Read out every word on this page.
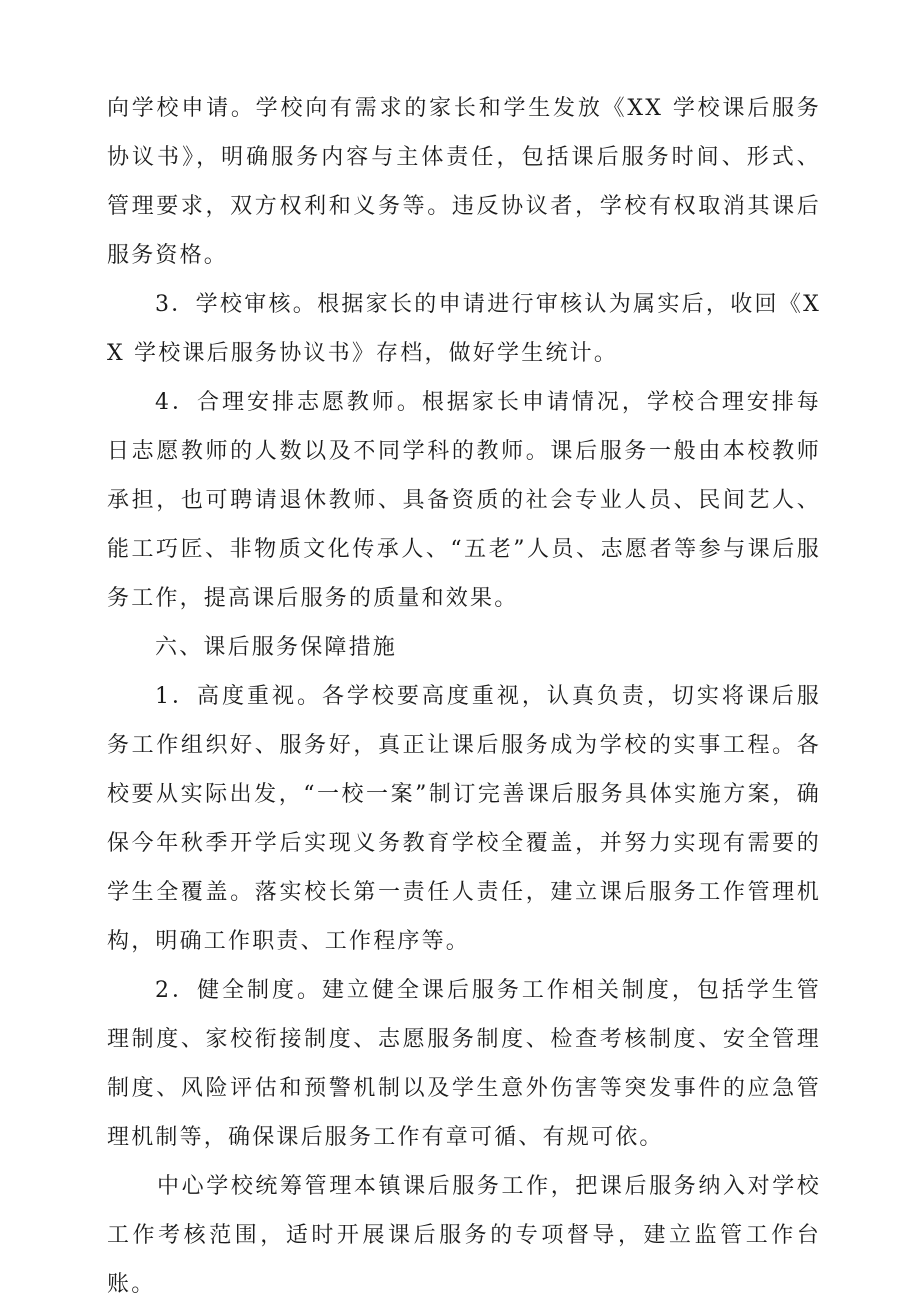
向学校申请。学校向有需求的家长和学生发放《XX 学校课后服务协议书》，明确服务内容与主体责任，包括课后服务时间、形式、管理要求，双方权利和义务等。违反协议者，学校有权取消其课后服务资格。

3．学校审核。根据家长的申请进行审核认为属实后，收回《XX 学校课后服务协议书》存档，做好学生统计。

4．合理安排志愿教师。根据家长申请情况，学校合理安排每日志愿教师的人数以及不同学科的教师。课后服务一般由本校教师承担，也可聘请退休教师、具备资质的社会专业人员、民间艺人、能工巧匠、非物质文化传承人、“五老”人员、志愿者等参与课后服务工作，提高课后服务的质量和效果。

六、课后服务保障措施

1．高度重视。各学校要高度重视，认真负责，切实将课后服务工作组织好、服务好，真正让课后服务成为学校的实事工程。各校要从实际出发，“一校一案”制订完善课后服务具体实施方案，确保今年秋季开学后实现义务教育学校全覆盖，并努力实现有需要的学生全覆盖。落实校长第一责任人责任，建立课后服务工作管理机构，明确工作职责、工作程序等。

2．健全制度。建立健全课后服务工作相关制度，包括学生管理制度、家校衔接制度、志愿服务制度、检查考核制度、安全管理制度、风险评估和预警机制以及学生意外伤害等突发事件的应急管理机制等，确保课后服务工作有章可循、有规可依。

中心学校统筹管理本镇课后服务工作，把课后服务纳入对学校工作考核范围，适时开展课后服务的专项督导，建立监管工作台账。
